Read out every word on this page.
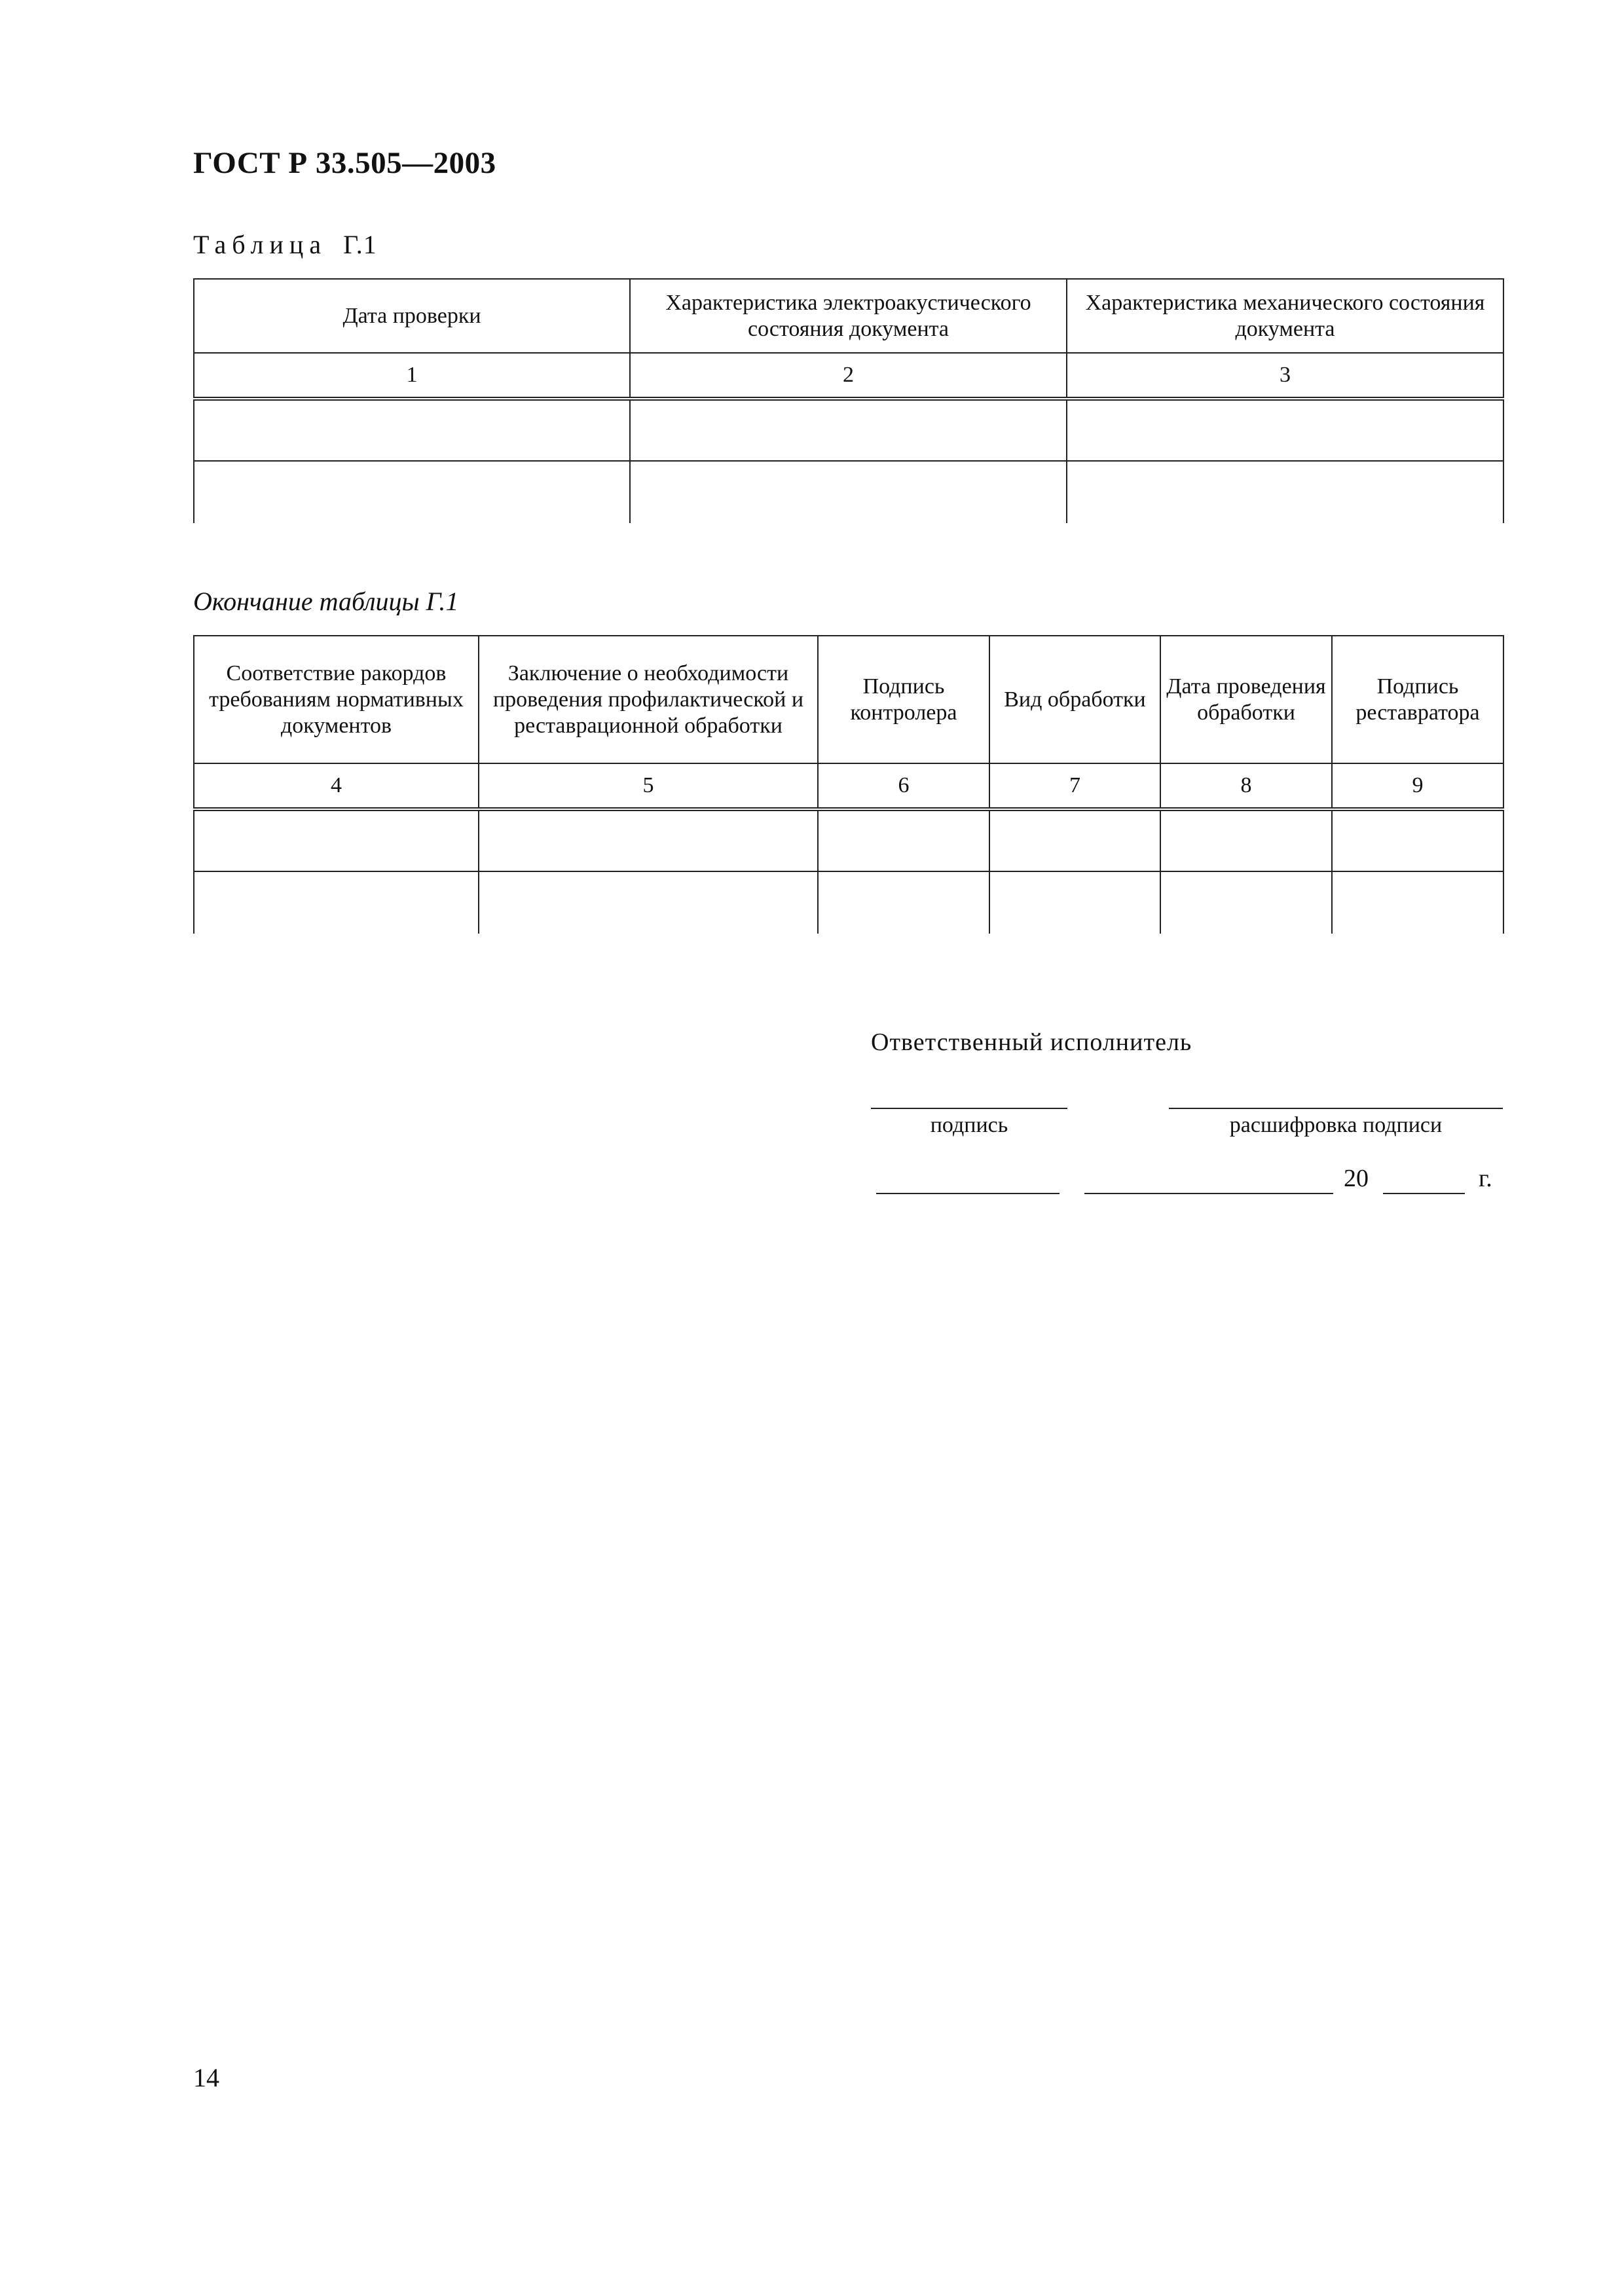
ГОСТ Р 33.505—2003
Таблица Г.1
Дата проверки	Характеристика электроакустического состояния документа	Характеристика механического состояния документа
1	2	3

Окончание таблицы Г.1
Соответствие ракордов требованиям нормативных документов	Заключение о необходимости проведения профилактической и реставрационной обработки	Подпись контролера	Вид обработки	Дата проведения обработки	Подпись реставратора
4	5	6	7	8	9

Ответственный исполнитель
подпись	расшифровка подписи
20	г.
14
